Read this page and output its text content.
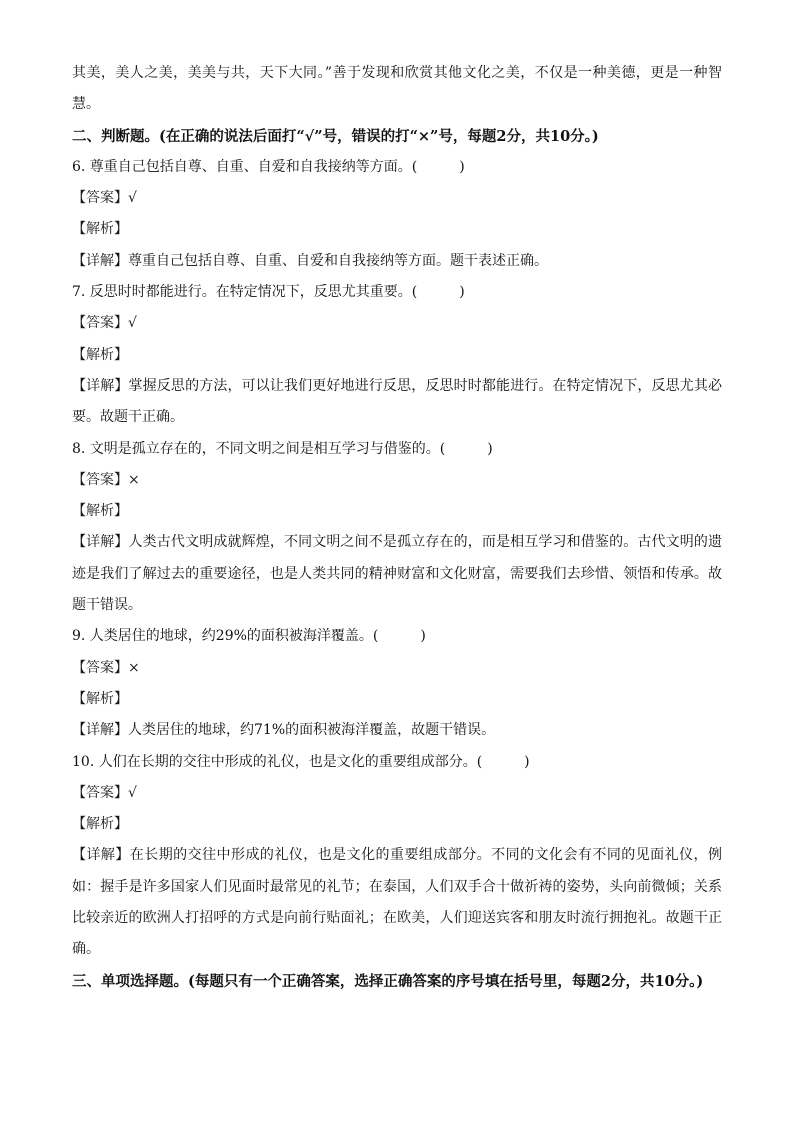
其美，美人之美，美美与共，天下大同。”善于发现和欣赏其他文化之美，不仅是一种美德，更是一种智慧。

二、判断题。(在正确的说法后面打“√”号，错误的打“×”号，每题2分，共10分。)

6. 尊重自己包括自尊、自重、自爱和自我接纳等方面。(　　　)

【答案】√

【解析】

【详解】尊重自己包括自尊、自重、自爱和自我接纳等方面。题干表述正确。

7. 反思时时都能进行。在特定情况下，反思尤其重要。(　　　)

【答案】√

【解析】

【详解】掌握反思的方法，可以让我们更好地进行反思，反思时时都能进行。在特定情况下，反思尤其必要。故题干正确。

8. 文明是孤立存在的，不同文明之间是相互学习与借鉴的。(　　　)

【答案】×

【解析】

【详解】人类古代文明成就辉煌，不同文明之间不是孤立存在的，而是相互学习和借鉴的。古代文明的遗迹是我们了解过去的重要途径，也是人类共同的精神财富和文化财富，需要我们去珍惜、领悟和传承。故题干错误。

9. 人类居住的地球，约29%的面积被海洋覆盖。(　　　)

【答案】×

【解析】

【详解】人类居住的地球，约71%的面积被海洋覆盖，故题干错误。

10. 人们在长期的交往中形成的礼仪，也是文化的重要组成部分。(　　　)

【答案】√

【解析】

【详解】在长期的交往中形成的礼仪，也是文化的重要组成部分。不同的文化会有不同的见面礼仪，例如：握手是许多国家人们见面时最常见的礼节；在泰国，人们双手合十做祈祷的姿势，头向前微倾；关系比较亲近的欧洲人打招呼的方式是向前行贴面礼；在欧美，人们迎送宾客和朋友时流行拥抱礼。故题干正确。

三、单项选择题。(每题只有一个正确答案，选择正确答案的序号填在括号里，每题2分，共10分。)
